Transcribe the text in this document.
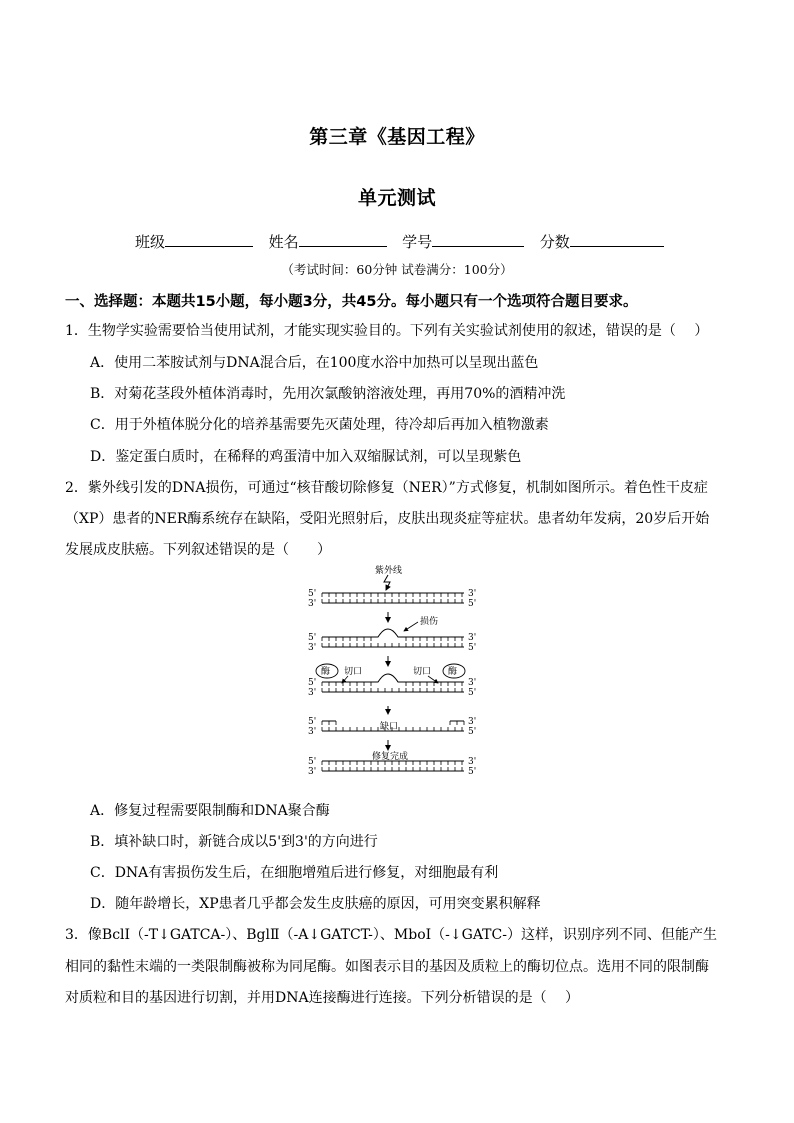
第三章《基因工程》
单元测试
班级	姓名	学号	分数
（考试时间：60分钟 试卷满分：100分）
一、选择题：本题共15小题，每小题3分，共45分。每小题只有一个选项符合题目要求。
1．生物学实验需要恰当使用试剂，才能实现实验目的。下列有关实验试剂使用的叙述，错误的是（　 ）
A．使用二苯胺试剂与DNA混合后，在100度水浴中加热可以呈现出蓝色
B．对菊花茎段外植体消毒时，先用次氯酸钠溶液处理，再用70%的酒精冲洗
C．用于外植体脱分化的培养基需要先灭菌处理，待冷却后再加入植物激素
D．鉴定蛋白质时，在稀释的鸡蛋清中加入双缩脲试剂，可以呈现紫色
2．紫外线引发的DNA损伤，可通过“核苷酸切除修复（NER）”方式修复，机制如图所示。着色性干皮症
（XP）患者的NER酶系统存在缺陷，受阳光照射后，皮肤出现炎症等症状。患者幼年发病，20岁后开始
发展成皮肤癌。下列叙述错误的是（　　）
5'	3'
3'	5'
5'	3'
3'	5'
5'	3'
3'	5'
5'	3'
3'	5'
5'	3'
3'	5'
紫外线
损伤
酶	酶
切口	切口
缺口
修复完成
A．修复过程需要限制酶和DNA聚合酶
B．填补缺口时，新链合成以5'到3'的方向进行
C．DNA有害损伤发生后，在细胞增殖后进行修复，对细胞最有利
D．随年龄增长，XP患者几乎都会发生皮肤癌的原因，可用突变累积解释
3．像BclⅠ（-T↓GATCA-）、BglⅡ（-A↓GATCT-）、MboⅠ（-↓GATC-）这样，识别序列不同、但能产生
相同的黏性末端的一类限制酶被称为同尾酶。如图表示目的基因及质粒上的酶切位点。选用不同的限制酶
对质粒和目的基因进行切割，并用DNA连接酶进行连接。下列分析错误的是（　 ）
